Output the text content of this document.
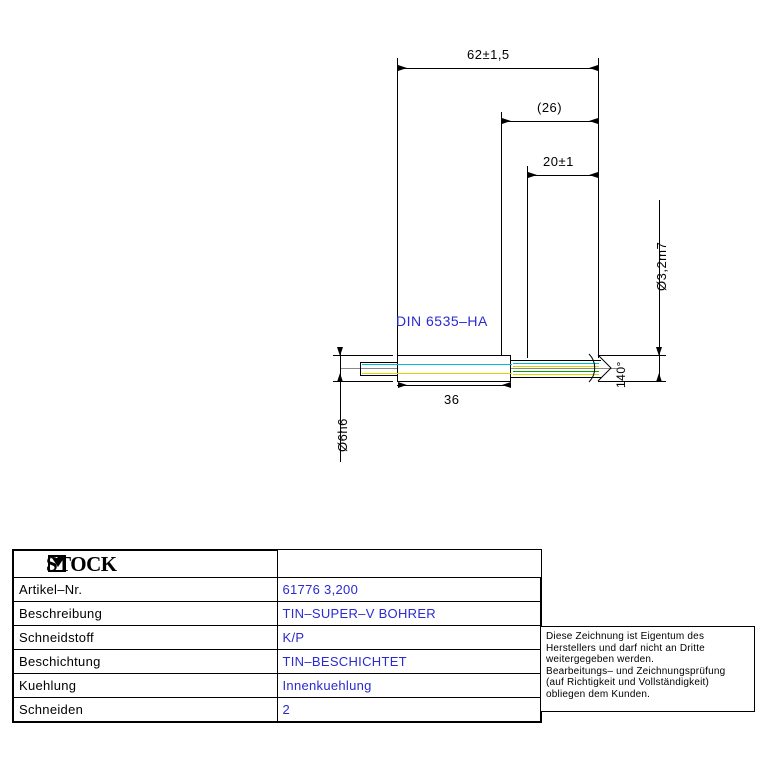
62±1,5
(26)
20±1
Ø3,2m7
Ø6h6
36
140°
DIN 6535–HA
STOCK	

Artikel–Nr.	61776 3,200
Beschreibung	TIN–SUPER–V BOHRER
Schneidstoff	K/P
Beschichtung	TIN–BESCHICHTET
Kuehlung	Innenkuehlung
Schneiden	2

Diese Zeichnung ist Eigentum des

Herstellers und darf nicht an Dritte

weitergegeben werden.

Bearbeitungs– und Zeichnungsprüfung

(auf Richtigkeit und Vollständigkeit)

obliegen dem Kunden.
